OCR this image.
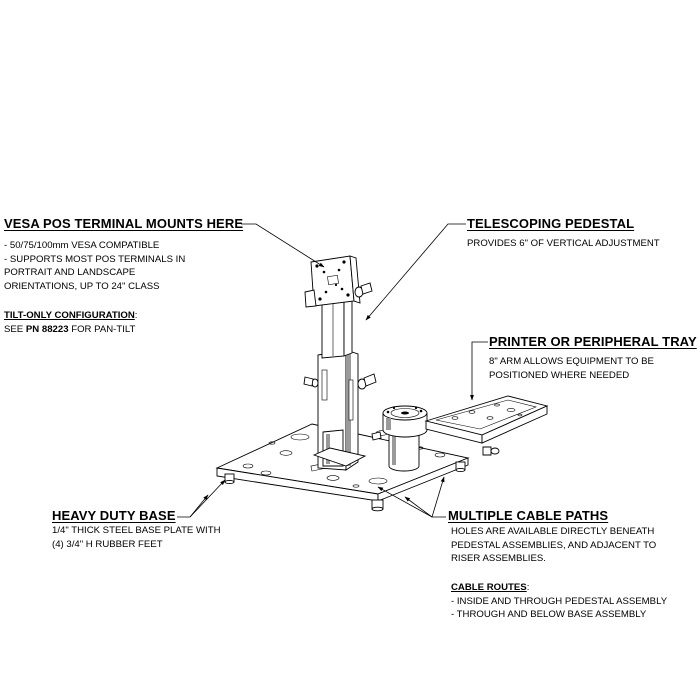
VESA POS TERMINAL MOUNTS HERE
- 50/75/100mm VESA COMPATIBLE
- SUPPORTS MOST POS TERMINALS IN
PORTRAIT AND LANDSCAPE
ORIENTATIONS, UP TO 24" CLASS
TILT-ONLY CONFIGURATION:
SEE PN 88223 FOR PAN-TILT
TELESCOPING PEDESTAL
PROVIDES 6" OF VERTICAL ADJUSTMENT
PRINTER OR PERIPHERAL TRAY
8" ARM ALLOWS EQUIPMENT TO BE
POSITIONED WHERE NEEDED
HEAVY DUTY BASE
1/4" THICK STEEL BASE PLATE WITH
(4) 3/4" H RUBBER FEET
MULTIPLE CABLE PATHS
HOLES ARE AVAILABLE DIRECTLY BENEATH
PEDESTAL ASSEMBLIES, AND ADJACENT TO
RISER ASSEMBLIES.
CABLE ROUTES:
- INSIDE AND THROUGH PEDESTAL ASSEMBLY
- THROUGH AND BELOW BASE ASSEMBLY
